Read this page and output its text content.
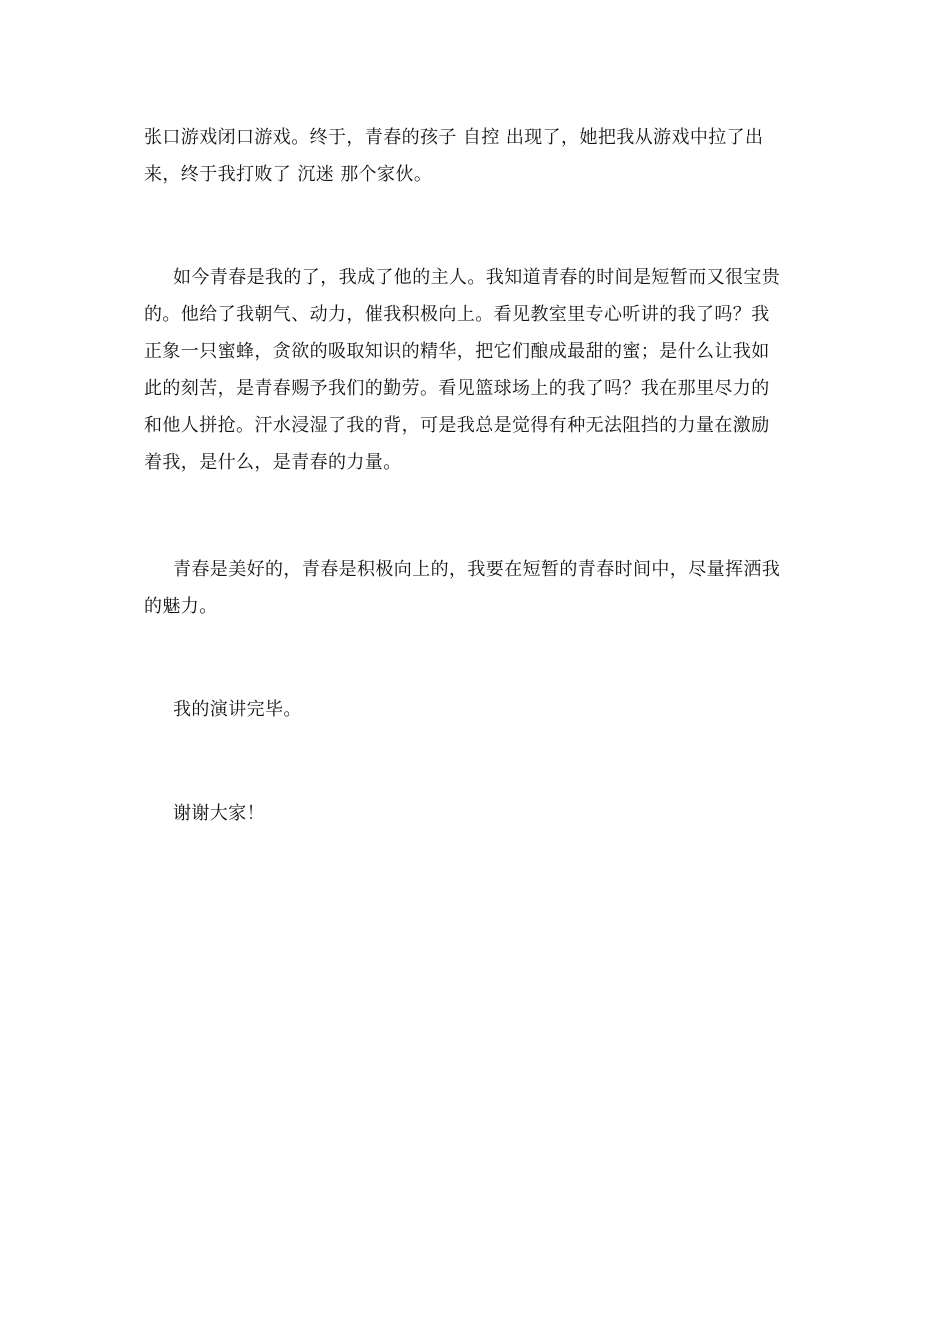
张口游戏闭口游戏。终于，青春的孩子 自控 出现了，她把我从游戏中拉了出
来，终于我打败了 沉迷 那个家伙。
如今青春是我的了，我成了他的主人。我知道青春的时间是短暂而又很宝贵
的。他给了我朝气、动力，催我积极向上。看见教室里专心听讲的我了吗？我
正象一只蜜蜂，贪欲的吸取知识的精华，把它们酿成最甜的蜜；是什么让我如
此的刻苦，是青春赐予我们的勤劳。看见篮球场上的我了吗？我在那里尽力的
和他人拼抢。汗水浸湿了我的背，可是我总是觉得有种无法阻挡的力量在激励
着我，是什么，是青春的力量。
青春是美好的，青春是积极向上的，我要在短暂的青春时间中，尽量挥洒我
的魅力。
我的演讲完毕。
谢谢大家！
